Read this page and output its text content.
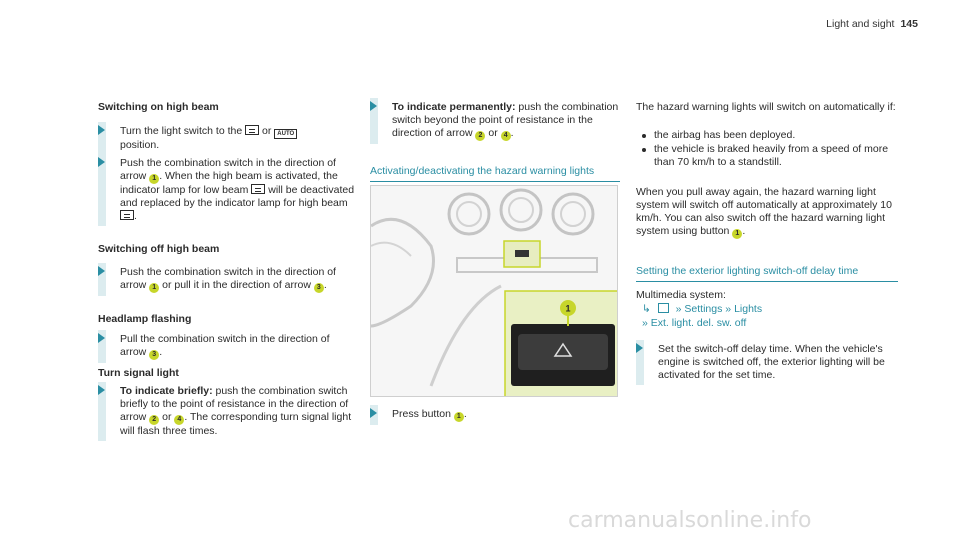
Light and sight 145
Switching on high beam
Turn the light switch to the or AUTO
position.
Push the combination switch in the direction of arrow 1 . When the high beam is activated, the indicator lamp for low beam will be deactivated and replaced by the indicator lamp for high beam .
Switching off high beam
Push the combination switch in the direction of arrow 1 or pull it in the direction of arrow 3 .
Headlamp flashing
Pull the combination switch in the direction of arrow 3 .
Turn signal light
To indicate briefly: push the combination switch briefly to the point of resistance in the direction of arrow 2 or 4 . The corresponding turn signal light will flash three times.
To indicate permanently: push the combination switch beyond the point of resistance in the direction of arrow 2 or 4 .
Activating/deactivating the hazard warning lights
1
Press button 1 .
The hazard warning lights will switch on automatically if:
the airbag has been deployed.
the vehicle is braked heavily from a speed of more than 70 km/h to a standstill.
When you pull away again, the hazard warning light system will switch off automatically at approximately 10 km/h. You can also switch off the hazard warning light system using button 1 .
Setting the exterior lighting switch-off delay time
Multimedia system:
↳ » Settings » Lights
» Ext. light. del. sw. off
Set the switch-off delay time. When the vehicle's engine is switched off, the exterior lighting will be activated for the set time.
carmanualsonline.info
